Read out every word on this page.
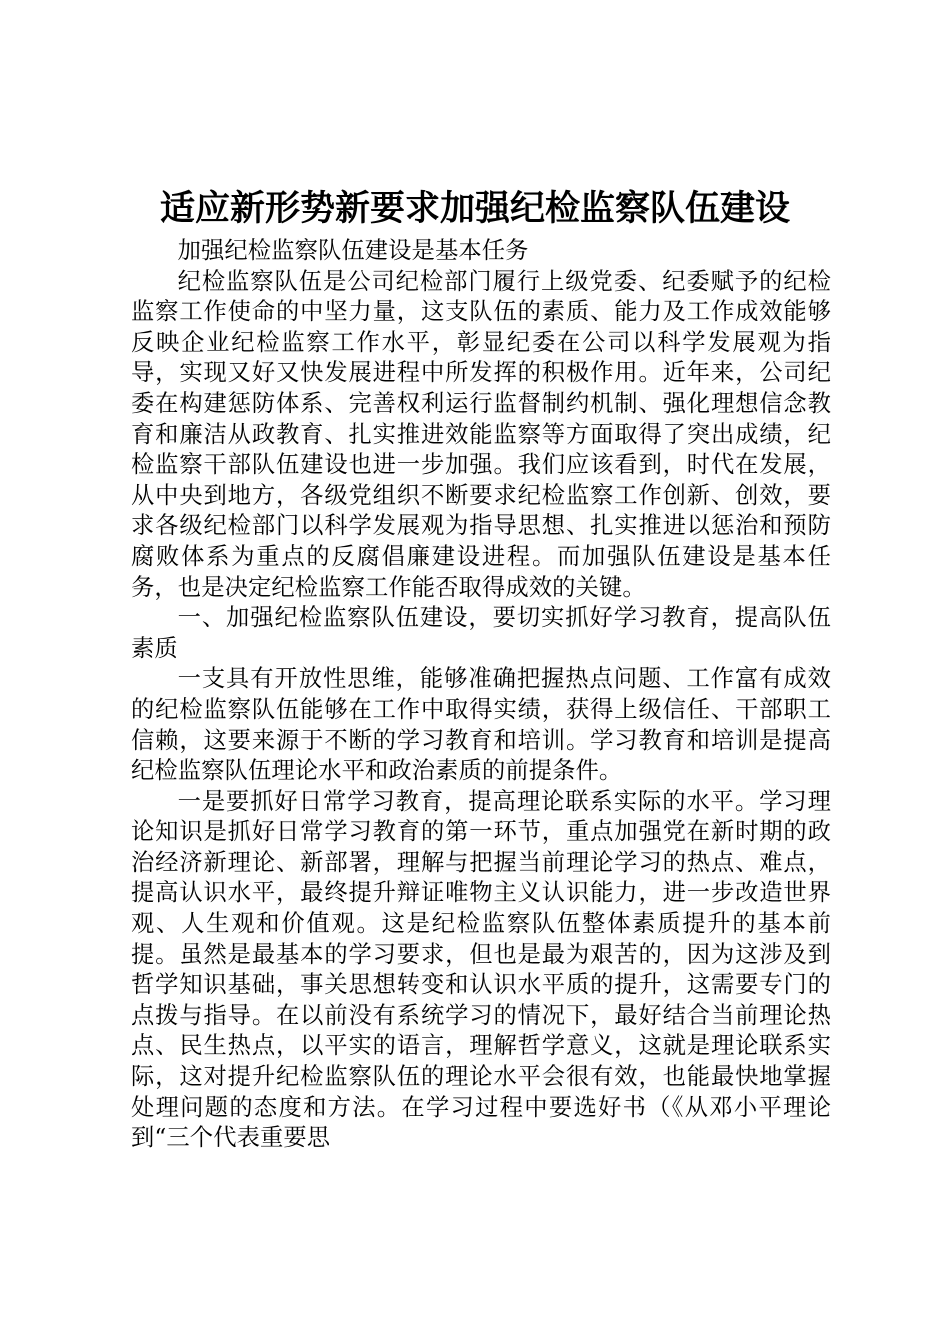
适应新形势新要求加强纪检监察队伍建设

加强纪检监察队伍建设是基本任务

纪检监察队伍是公司纪检部门履行上级党委、纪委赋予的纪检监察工作使命的中坚力量，这支队伍的素质、能力及工作成效能够反映企业纪检监察工作水平，彰显纪委在公司以科学发展观为指导，实现又好又快发展进程中所发挥的积极作用。近年来，公司纪委在构建惩防体系、完善权利运行监督制约机制、强化理想信念教育和廉洁从政教育、扎实推进效能监察等方面取得了突出成绩，纪检监察干部队伍建设也进一步加强。我们应该看到，时代在发展，从中央到地方，各级党组织不断要求纪检监察工作创新、创效，要求各级纪检部门以科学发展观为指导思想、扎实推进以惩治和预防腐败体系为重点的反腐倡廉建设进程。而加强队伍建设是基本任务，也是决定纪检监察工作能否取得成效的关键。

一、加强纪检监察队伍建设，要切实抓好学习教育，提高队伍素质

一支具有开放性思维，能够准确把握热点问题、工作富有成效的纪检监察队伍能够在工作中取得实绩，获得上级信任、干部职工信赖，这要来源于不断的学习教育和培训。学习教育和培训是提高纪检监察队伍理论水平和政治素质的前提条件。

一是要抓好日常学习教育，提高理论联系实际的水平。学习理论知识是抓好日常学习教育的第一环节，重点加强党在新时期的政治经济新理论、新部署，理解与把握当前理论学习的热点、难点，提高认识水平，最终提升辩证唯物主义认识能力，进一步改造世界观、人生观和价值观。这是纪检监察队伍整体素质提升的基本前提。虽然是最基本的学习要求，但也是最为艰苦的，因为这涉及到哲学知识基础，事关思想转变和认识水平质的提升，这需要专门的点拨与指导。在以前没有系统学习的情况下，最好结合当前理论热点、民生热点，以平实的语言，理解哲学意义，这就是理论联系实际，这对提升纪检监察队伍的理论水平会很有效，也能最快地掌握处理问题的态度和方法。在学习过程中要选好书（《从邓小平理论到“三个代表重要思
